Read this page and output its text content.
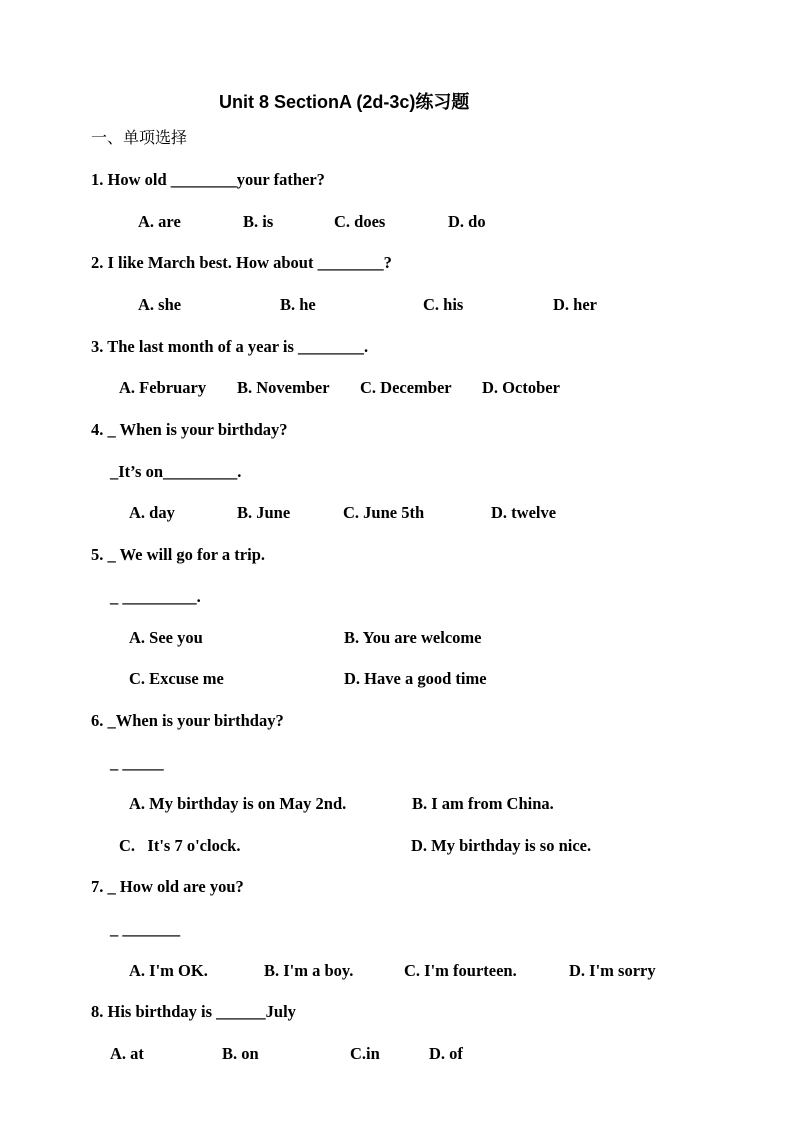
Unit 8 SectionA (2d-3c)练习题
一、单项选择
1. How old ________your father?
A. are	B. is	C. does	D. do
2. I like March best. How about ________?
A. she	B. he	C. his	D. her
3. The last month of a year is ________.
A. February B. November C. December D. October
4. _ When is your birthday?
_It’s on_________.
A. day	B. June	C. June 5th	D. twelve
5. _ We will go for a trip.
_ _________.
A. See you	B. You are welcome
C. Excuse me	D. Have a good time
6. _When is your birthday?
_ _____
A. My birthday is on May 2nd.	B. I am from China.
C.   It's 7 o'clock.	D. My birthday is so nice.
7. _ How old are you?
_ _______
A. I'm OK.	B. I'm a boy.	C. I'm fourteen.	D. I'm sorry
8. His birthday is ______July
A. at	B. on	C.in	D. of
